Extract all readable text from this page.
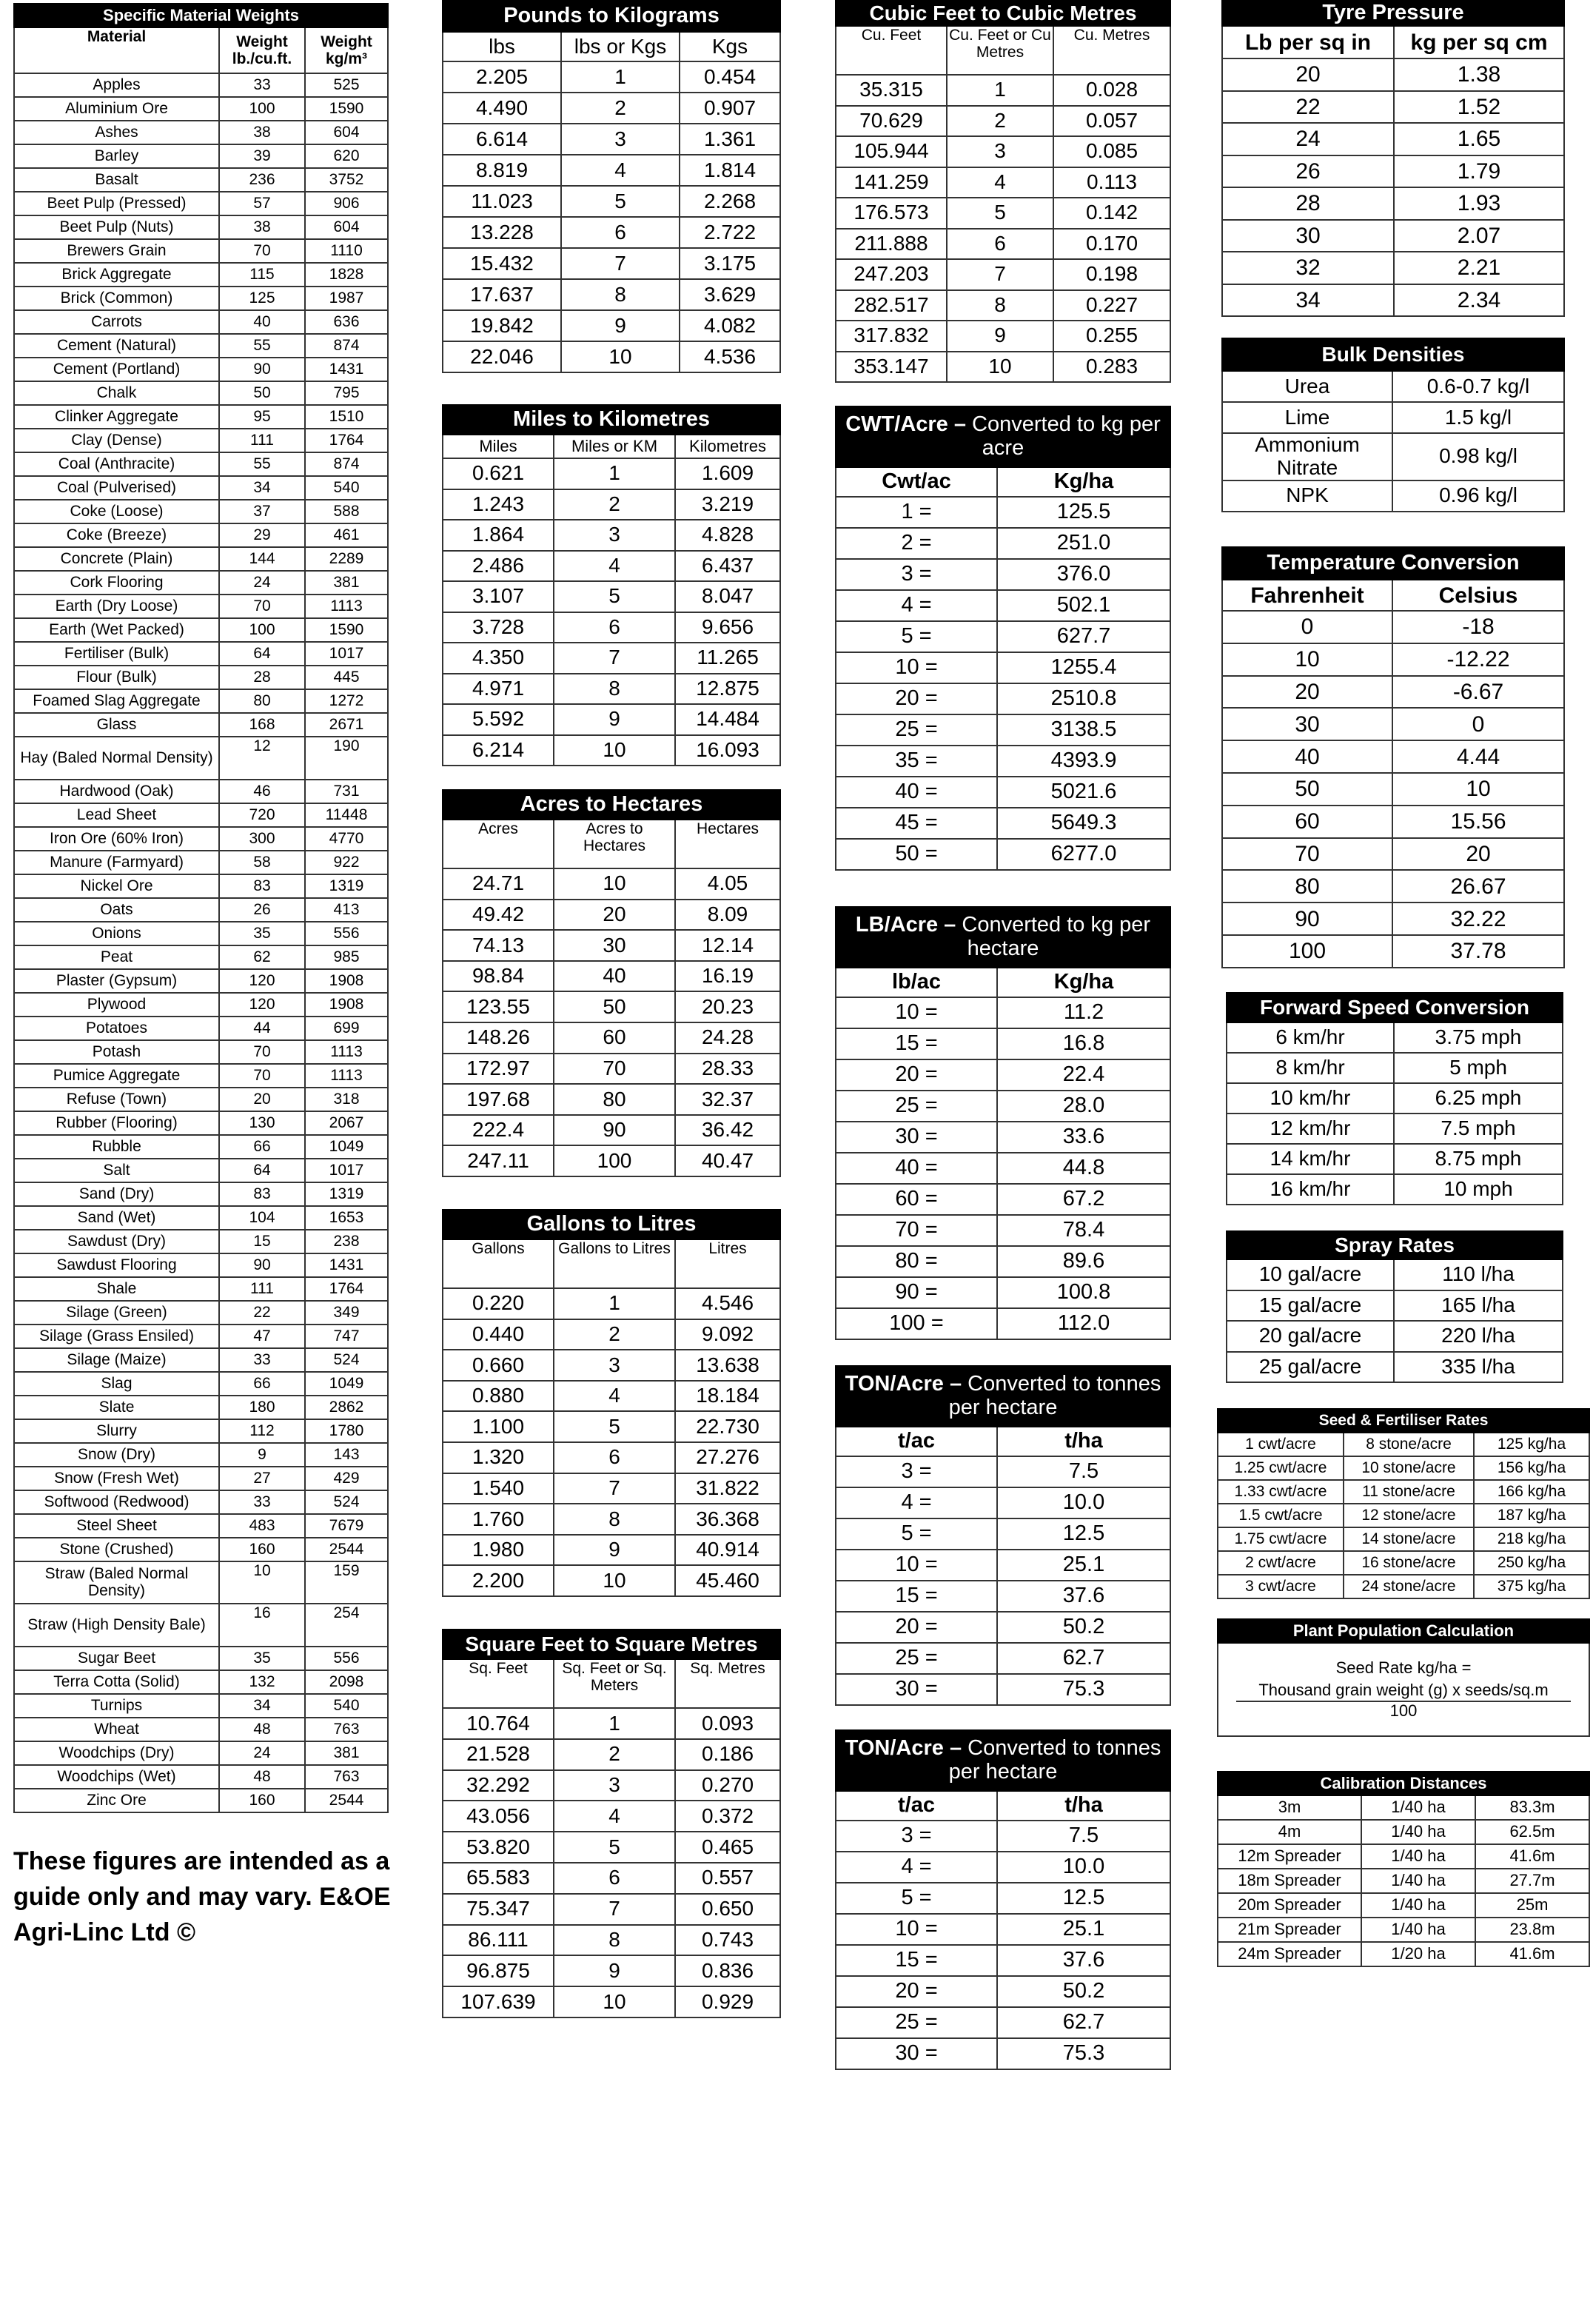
Specific Material Weights		
Material	Weight lb./cu.ft.	Weight kg/m³
Apples	33	525
Aluminium Ore	100	1590
Ashes	38	604
Barley	39	620
Basalt	236	3752
Beet Pulp (Pressed)	57	906
Beet Pulp (Nuts)	38	604
Brewers Grain	70	1110
Brick Aggregate	115	1828
Brick (Common)	125	1987
Carrots	40	636
Cement (Natural)	55	874
Cement (Portland)	90	1431
Chalk	50	795
Clinker Aggregate	95	1510
Clay (Dense)	111	1764
Coal (Anthracite)	55	874
Coal (Pulverised)	34	540
Coke (Loose)	37	588
Coke (Breeze)	29	461
Concrete (Plain)	144	2289
Cork Flooring	24	381
Earth (Dry Loose)	70	1113
Earth (Wet Packed)	100	1590
Fertiliser (Bulk)	64	1017
Flour (Bulk)	28	445
Foamed Slag Aggregate	80	1272
Glass	168	2671
Hay (Baled Normal Density)	12	190
Hardwood (Oak)	46	731
Lead Sheet	720	11448
Iron Ore (60% Iron)	300	4770
Manure (Farmyard)	58	922
Nickel Ore	83	1319
Oats	26	413
Onions	35	556
Peat	62	985
Plaster (Gypsum)	120	1908
Plywood	120	1908
Potatoes	44	699
Potash	70	1113
Pumice Aggregate	70	1113
Refuse (Town)	20	318
Rubber (Flooring)	130	2067
Rubble	66	1049
Salt	64	1017
Sand (Dry)	83	1319
Sand (Wet)	104	1653
Sawdust (Dry)	15	238
Sawdust Flooring	90	1431
Shale	111	1764
Silage (Green)	22	349
Silage (Grass Ensiled)	47	747
Silage (Maize)	33	524
Slag	66	1049
Slate	180	2862
Slurry	112	1780
Snow (Dry)	9	143
Snow (Fresh Wet)	27	429
Softwood (Redwood)	33	524
Steel Sheet	483	7679
Stone (Crushed)	160	2544
Straw (Baled Normal Density)	10	159
Straw (High Density Bale)	16	254
Sugar Beet	35	556
Terra Cotta (Solid)	132	2098
Turnips	34	540
Wheat	48	763
Woodchips (Dry)	24	381
Woodchips (Wet)	48	763
Zinc Ore	160	2544
These figures are intended as a guide only and may vary. E&OE Agri-Linc Ltd ©
Pounds to Kilograms		
lbs	lbs or Kgs	Kgs
2.205	1	0.454
4.490	2	0.907
6.614	3	1.361
8.819	4	1.814
11.023	5	2.268
13.228	6	2.722
15.432	7	3.175
17.637	8	3.629
19.842	9	4.082
22.046	10	4.536
Miles to Kilometres		
Miles	Miles or KM	Kilometres
0.621	1	1.609
1.243	2	3.219
1.864	3	4.828
2.486	4	6.437
3.107	5	8.047
3.728	6	9.656
4.350	7	11.265
4.971	8	12.875
5.592	9	14.484
6.214	10	16.093
Acres to Hectares		
Acres	Acres to Hectares	Hectares
24.71	10	4.05
49.42	20	8.09
74.13	30	12.14
98.84	40	16.19
123.55	50	20.23
148.26	60	24.28
172.97	70	28.33
197.68	80	32.37
222.4	90	36.42
247.11	100	40.47
Gallons to Litres		
Gallons	Gallons to Litres	Litres
0.220	1	4.546
0.440	2	9.092
0.660	3	13.638
0.880	4	18.184
1.100	5	22.730
1.320	6	27.276
1.540	7	31.822
1.760	8	36.368
1.980	9	40.914
2.200	10	45.460
Square Feet to Square Metres		
Sq. Feet	Sq. Feet or Sq. Meters	Sq. Metres
10.764	1	0.093
21.528	2	0.186
32.292	3	0.270
43.056	4	0.372
53.820	5	0.465
65.583	6	0.557
75.347	7	0.650
86.111	8	0.743
96.875	9	0.836
107.639	10	0.929
Cubic Feet to Cubic Metres		
Cu. Feet	Cu. Feet or Cu Metres	Cu. Metres
35.315	1	0.028
70.629	2	0.057
105.944	3	0.085
141.259	4	0.113
176.573	5	0.142
211.888	6	0.170
247.203	7	0.198
282.517	8	0.227
317.832	9	0.255
353.147	10	0.283
CWT/Acre – Converted to kg per acre	
Cwt/ac	Kg/ha
1 =	125.5
2 =	251.0
3 =	376.0
4 =	502.1
5 =	627.7
10 =	1255.4
20 =	2510.8
25 =	3138.5
35 =	4393.9
40 =	5021.6
45 =	5649.3
50 =	6277.0
LB/Acre – Converted to kg per hectare	
lb/ac	Kg/ha
10 =	11.2
15 =	16.8
20 =	22.4
25 =	28.0
30 =	33.6
40 =	44.8
60 =	67.2
70 =	78.4
80 =	89.6
90 =	100.8
100 =	112.0
TON/Acre – Converted to tonnes per hectare	
t/ac	t/ha
3 =	7.5
4 =	10.0
5 =	12.5
10 =	25.1
15 =	37.6
20 =	50.2
25 =	62.7
30 =	75.3
TON/Acre – Converted to tonnes per hectare	
t/ac	t/ha
3 =	7.5
4 =	10.0
5 =	12.5
10 =	25.1
15 =	37.6
20 =	50.2
25 =	62.7
30 =	75.3
Tyre Pressure	
Lb per sq in	kg per sq cm
20	1.38
22	1.52
24	1.65
26	1.79
28	1.93
30	2.07
32	2.21
34	2.34
Bulk Densities	
Urea	0.6-0.7 kg/l
Lime	1.5 kg/l
Ammonium Nitrate	0.98 kg/l
NPK	0.96 kg/l
Temperature Conversion	
Fahrenheit	Celsius
0	-18
10	-12.22
20	-6.67
30	0
40	4.44
50	10
60	15.56
70	20
80	26.67
90	32.22
100	37.78
Forward Speed Conversion	
6 km/hr	3.75 mph
8 km/hr	5 mph
10 km/hr	6.25 mph
12 km/hr	7.5 mph
14 km/hr	8.75 mph
16 km/hr	10 mph
Spray Rates	
10 gal/acre	110 l/ha
15 gal/acre	165 l/ha
20 gal/acre	220 l/ha
25 gal/acre	335 l/ha
Seed & Fertiliser Rates		
1 cwt/acre	8 stone/acre	125 kg/ha
1.25 cwt/acre	10 stone/acre	156 kg/ha
1.33 cwt/acre	11 stone/acre	166 kg/ha
1.5 cwt/acre	12 stone/acre	187 kg/ha
1.75 cwt/acre	14 stone/acre	218 kg/ha
2 cwt/acre	16 stone/acre	250 kg/ha
3 cwt/acre	24 stone/acre	375 kg/ha
Plant Population Calculation

Seed Rate kg/ha =
Thousand grain weight (g) x seeds/sq.m
100
Calibration Distances		
3m	1/40 ha	83.3m
4m	1/40 ha	62.5m
12m Spreader	1/40 ha	41.6m
18m Spreader	1/40 ha	27.7m
20m Spreader	1/40 ha	25m
21m Spreader	1/40 ha	23.8m
24m Spreader	1/20 ha	41.6m
